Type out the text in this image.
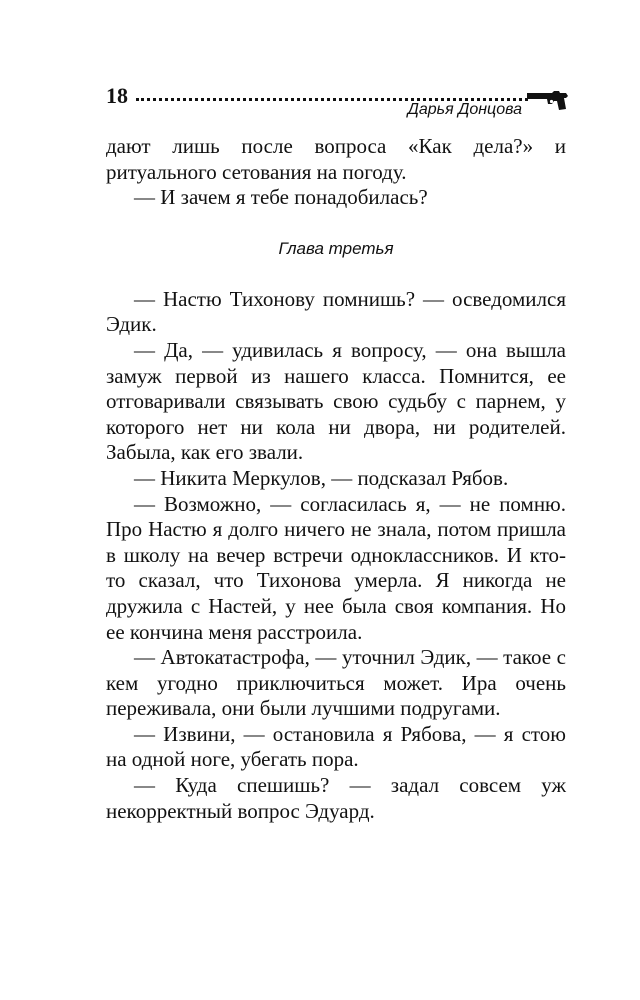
18
Дарья Донцова

дают лишь после вопроса «Как дела?» и ритуального сетования на погоду.

— И зачем я тебе понадобилась?

Глава третья

— Настю Тихонову помнишь? — осведомился Эдик.

— Да, — удивилась я вопросу, — она вышла замуж первой из нашего класса. Помнится, ее отговаривали связывать свою судьбу с парнем, у которого нет ни кола ни двора, ни родителей. Забыла, как его звали.

— Никита Меркулов, — подсказал Рябов.

— Возможно, — согласилась я, — не помню. Про Настю я долго ничего не знала, потом пришла в школу на вечер встречи одноклассников. И кто-то сказал, что Тихонова умерла. Я никогда не дружила с Настей, у нее была своя компания. Но ее кончина меня расстроила.

— Автокатастрофа, — уточнил Эдик, — такое с кем угодно приключиться может. Ира очень переживала, они были лучшими подругами.

— Извини, — остановила я Рябова, — я стою на одной ноге, убегать пора.

— Куда спешишь? — задал совсем уж некорректный вопрос Эдуард.
